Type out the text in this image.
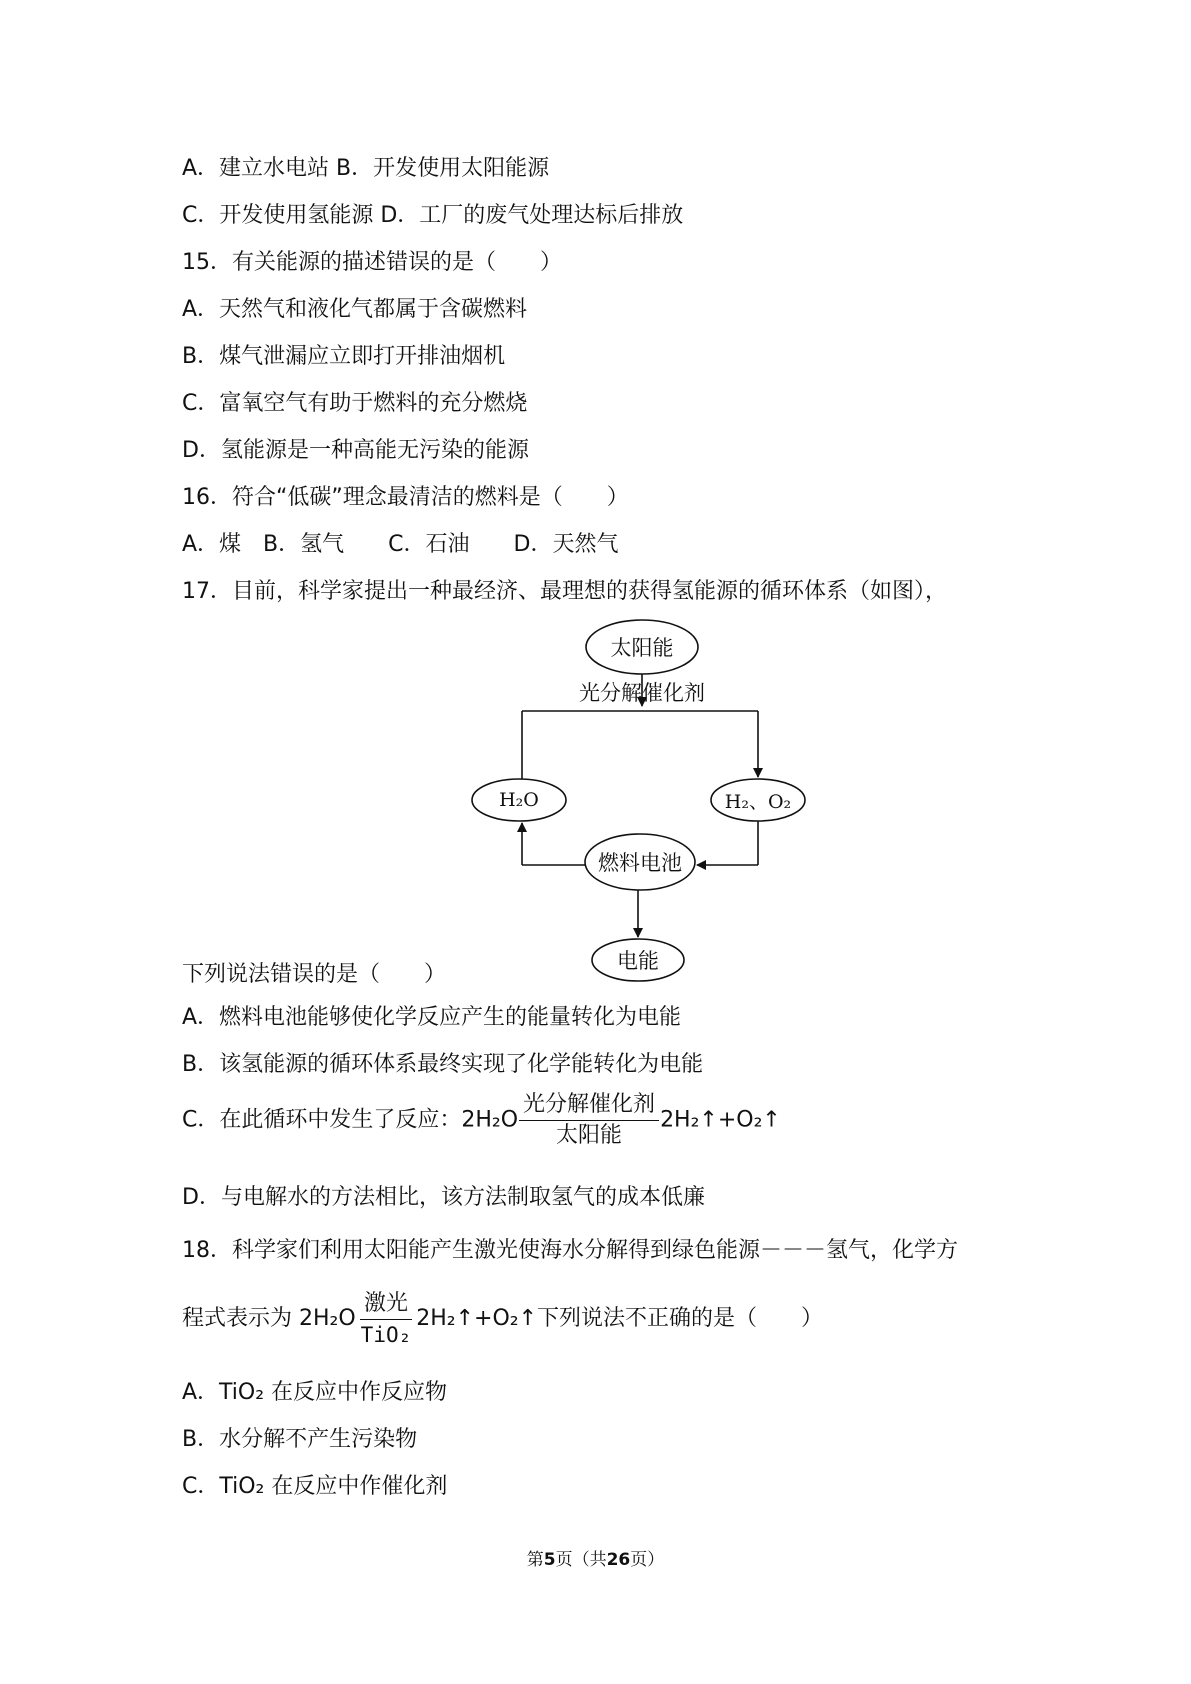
A．建立水电站 B．开发使用太阳能源

C．开发使用氢能源 D．工厂的废气处理达标后排放

15．有关能源的描述错误的是（　　）

A．天然气和液化气都属于含碳燃料

B．煤气泄漏应立即打开排油烟机

C．富氧空气有助于燃料的充分燃烧

D．氢能源是一种高能无污染的能源

16．符合“低碳”理念最清洁的燃料是（　　）

A．煤　B．氢气　　C．石油　　D．天然气

17．目前，科学家提出一种最经济、最理想的获得氢能源的循环体系（如图），

太阳能
光分解催化剂
H₂O	H₂、O₂
燃料电池
电能

下列说法错误的是（　　）

A．燃料电池能够使化学反应产生的能量转化为电能

B．该氢能源的循环体系最终实现了化学能转化为电能

C．在此循环中发生了反应：$2H_2O \frac{\text{光分解催化剂}}{\text{太阳能}}$ 2H₂↑+O₂↑

D．与电解水的方法相比，该方法制取氢气的成本低廉

18．科学家们利用太阳能产生激光使海水分解得到绿色能源－－－氢气，化学方

程式表示为 $2H_2O \frac{\text{激光}}{\text{TiO₂}}$ 2H₂↑+O₂↑下列说法不正确的是（　　）

A．TiO₂ 在反应中作反应物

B．水分解不产生污染物

C．TiO₂ 在反应中作催化剂

第5页（共26页）
